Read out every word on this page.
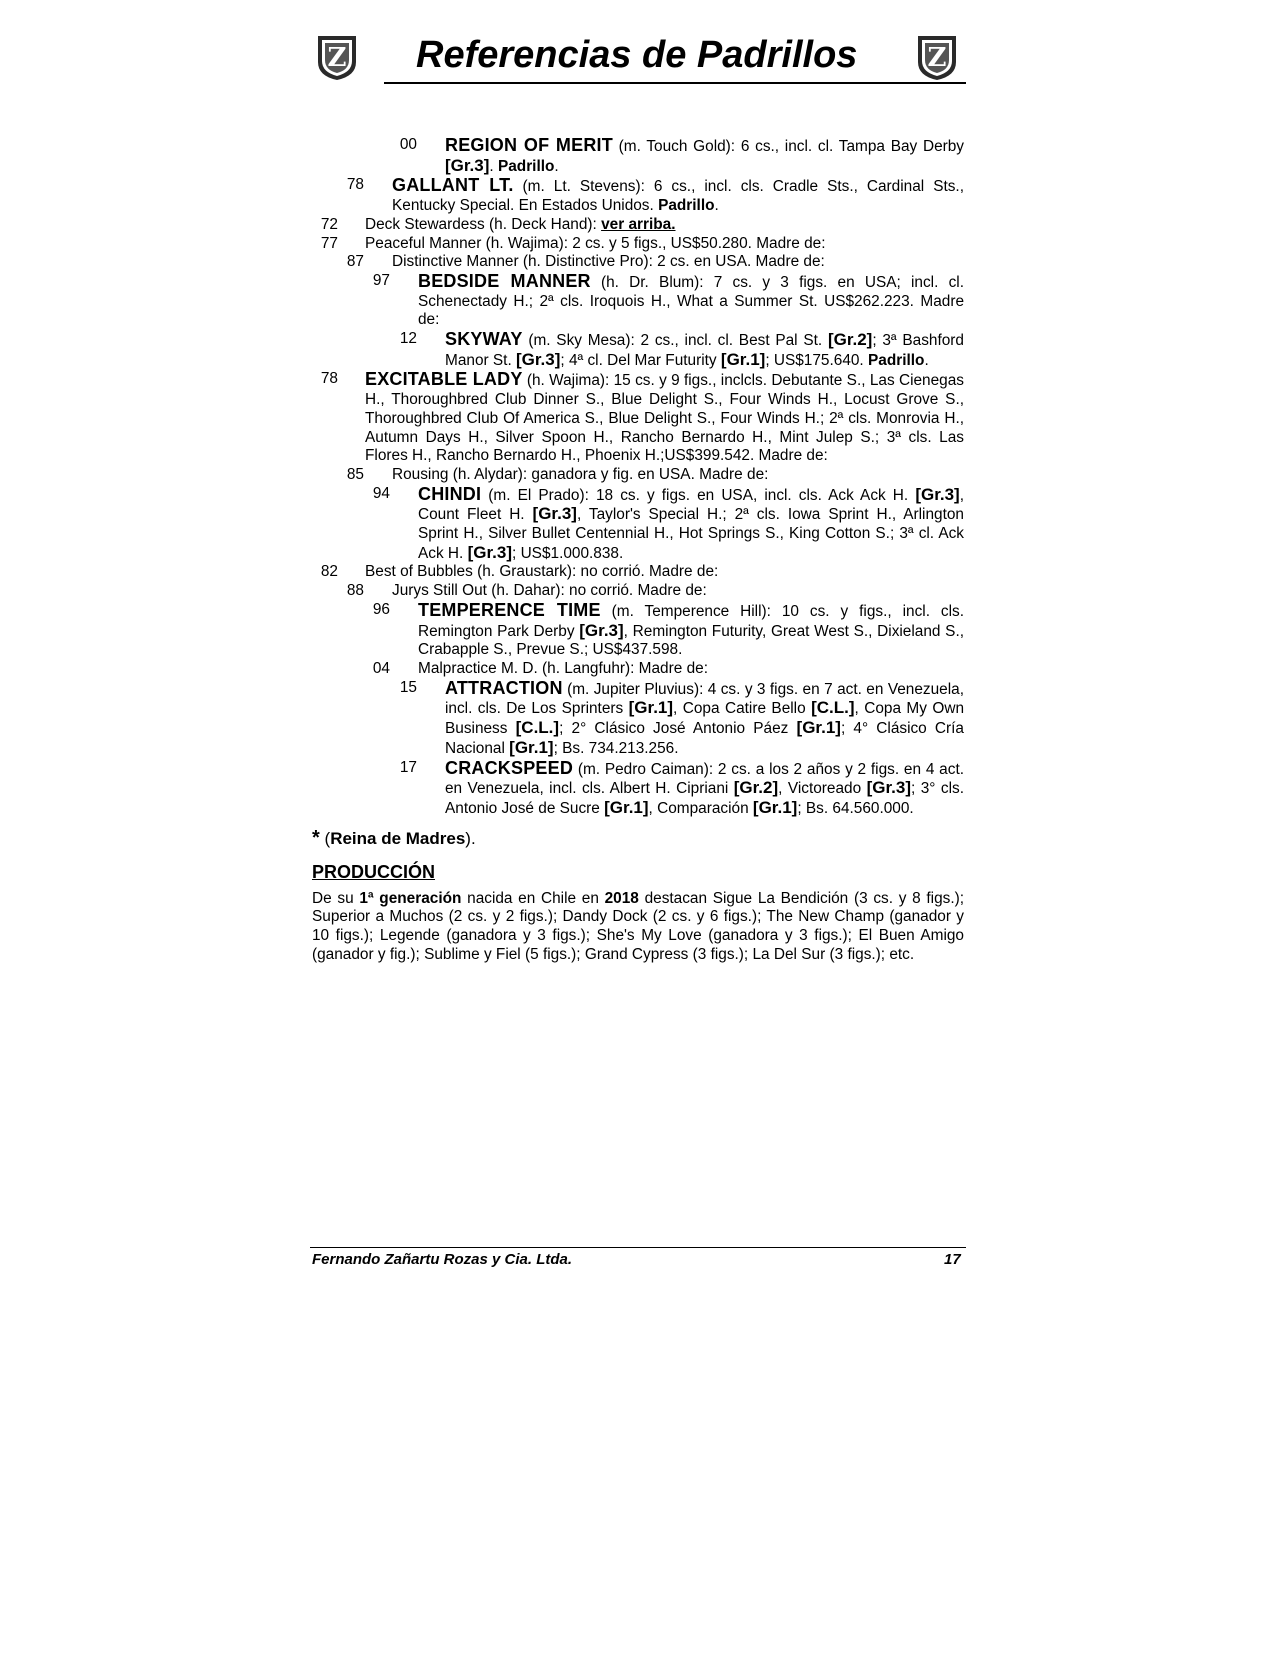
Z Referencias de Padrillos	Z
00 REGION OF MERIT (m. Touch Gold): 6 cs., incl. cl. Tampa Bay Derby [Gr.3]. Padrillo.
78 GALLANT LT. (m. Lt. Stevens): 6 cs., incl. cls. Cradle Sts., Cardinal Sts., Kentucky Special. En Estados Unidos. Padrillo.
72 Deck Stewardess (h. Deck Hand): ver arriba.
77 Peaceful Manner (h. Wajima): 2 cs. y 5 figs., US$50.280. Madre de:
87 Distinctive Manner (h. Distinctive Pro): 2 cs. en USA. Madre de:
97 BEDSIDE MANNER (h. Dr. Blum): 7 cs. y 3 figs. en USA; incl. cl. Schenectady H.; 2ª cls. Iroquois H., What a Summer St. US$262.223. Madre de:
12 SKYWAY (m. Sky Mesa): 2 cs., incl. cl. Best Pal St. [Gr.2]; 3ª Bashford Manor St. [Gr.3]; 4ª cl. Del Mar Futurity [Gr.1]; US$175.640. Padrillo.
78 EXCITABLE LADY (h. Wajima): 15 cs. y 9 figs., inclcls. Debutante S., Las Cienegas H., Thoroughbred Club Dinner S., Blue Delight S., Four Winds H., Locust Grove S., Thoroughbred Club Of America S., Blue Delight S., Four Winds H.; 2ª cls. Monrovia H., Autumn Days H., Silver Spoon H., Rancho Bernardo H., Mint Julep S.; 3ª cls. Las Flores H., Rancho Bernardo H., Phoenix H.;US$399.542. Madre de:
85 Rousing (h. Alydar): ganadora y fig. en USA. Madre de:
94 CHINDI (m. El Prado): 18 cs. y figs. en USA, incl. cls. Ack Ack H. [Gr.3], Count Fleet H. [Gr.3], Taylor's Special H.; 2ª cls. Iowa Sprint H., Arlington Sprint H., Silver Bullet Centennial H., Hot Springs S., King Cotton S.; 3ª cl. Ack Ack H. [Gr.3]; US$1.000.838.
82 Best of Bubbles (h. Graustark): no corrió. Madre de:
88 Jurys Still Out (h. Dahar): no corrió. Madre de:
96 TEMPERENCE TIME (m. Temperence Hill): 10 cs. y figs., incl. cls. Remington Park Derby [Gr.3], Remington Futurity, Great West S., Dixieland S., Crabapple S., Prevue S.; US$437.598.
04 Malpractice M. D. (h. Langfuhr): Madre de:
15 ATTRACTION (m. Jupiter Pluvius): 4 cs. y 3 figs. en 7 act. en Venezuela, incl. cls. De Los Sprinters [Gr.1], Copa Catire Bello [C.L.], Copa My Own Business [C.L.]; 2° Clásico José Antonio Páez [Gr.1]; 4° Clásico Cría Nacional [Gr.1]; Bs. 734.213.256.
17 CRACKSPEED (m. Pedro Caiman): 2 cs. a los 2 años y 2 figs. en 4 act. en Venezuela, incl. cls. Albert H. Cipriani [Gr.2], Victoreado [Gr.3]; 3° cls. Antonio José de Sucre [Gr.1], Comparación [Gr.1]; Bs. 64.560.000.
* (Reina de Madres).
PRODUCCIÓN
De su 1ª generación nacida en Chile en 2018 destacan Sigue La Bendición (3 cs. y 8 figs.); Superior a Muchos (2 cs. y 2 figs.); Dandy Dock (2 cs. y 6 figs.); The New Champ (ganador y 10 figs.); Legende (ganadora y 3 figs.); She's My Love (ganadora y 3 figs.); El Buen Amigo (ganador y fig.); Sublime y Fiel (5 figs.); Grand Cypress (3 figs.); La Del Sur (3 figs.); etc.
Fernando Zañartu Rozas y Cia. Ltda.	17
